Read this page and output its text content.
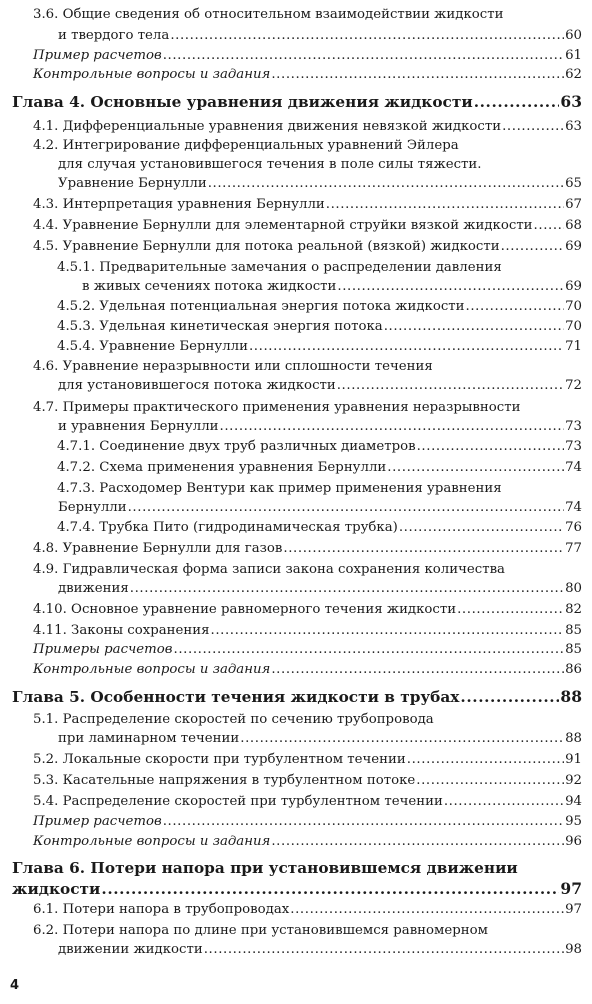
3.6. Общие сведения об относительном взаимодействии жидкости
и твердого тела .....	60
Пример расчетов .....	61
Контрольные вопросы и задания .....	62
Глава 4. Основные уравнения движения жидкости .....	63
4.1. Дифференциальные уравнения движения невязкой жидкости .....	63
4.2. Интегрирование дифференциальных уравнений Эйлера
для случая установившегося течения в поле силы тяжести.
Уравнение Бернулли .....	65
4.3. Интерпретация уравнения Бернулли .....	67
4.4. Уравнение Бернулли для элементарной струйки вязкой жидкости ..... 68
4.5. Уравнение Бернулли для потока реальной (вязкой) жидкости .....	69
4.5.1. Предварительные замечания о распределении давления
в живых сечениях потока жидкости .....	69
4.5.2. Удельная потенциальная энергия потока жидкости .....	70
4.5.3. Удельная кинетическая энергия потока .....	70
4.5.4. Уравнение Бернулли .....	71
4.6. Уравнение неразрывности или сплошности течения
для установившегося потока жидкости .....	72
4.7. Примеры практического применения уравнения неразрывности
и уравнения Бернулли .....	73
4.7.1. Соединение двух труб различных диаметров .....	73
4.7.2. Схема применения уравнения Бернулли .....	74
4.7.3. Расходомер Вентури как пример применения уравнения
Бернулли .....	74
4.7.4. Трубка Пито (гидродинамическая трубка) .....	76
4.8. Уравнение Бернулли для газов .....	77
4.9. Гидравлическая форма записи закона сохранения количества
движения .....	80
4.10. Основное уравнение равномерного течения жидкости .....	82
4.11. Законы сохранения .....	85
Примеры расчетов .....	85
Контрольные вопросы и задания .....	86
Глава 5. Особенности течения жидкости в трубах .....	88
5.1. Распределение скоростей по сечению трубопровода
при ламинарном течении .....	88
5.2. Локальные скорости при турбулентном течении .....	91
5.3. Касательные напряжения в турбулентном потоке .....	92
5.4. Распределение скоростей при турбулентном течении .....	94
Пример расчетов .....	95
Контрольные вопросы и задания .....	96
Глава 6. Потери напора при установившемся движении
жидкости .....	97
6.1. Потери напора в трубопроводах .....	97
6.2. Потери напора по длине при установившемся равномерном
движении жидкости .....	98
4
